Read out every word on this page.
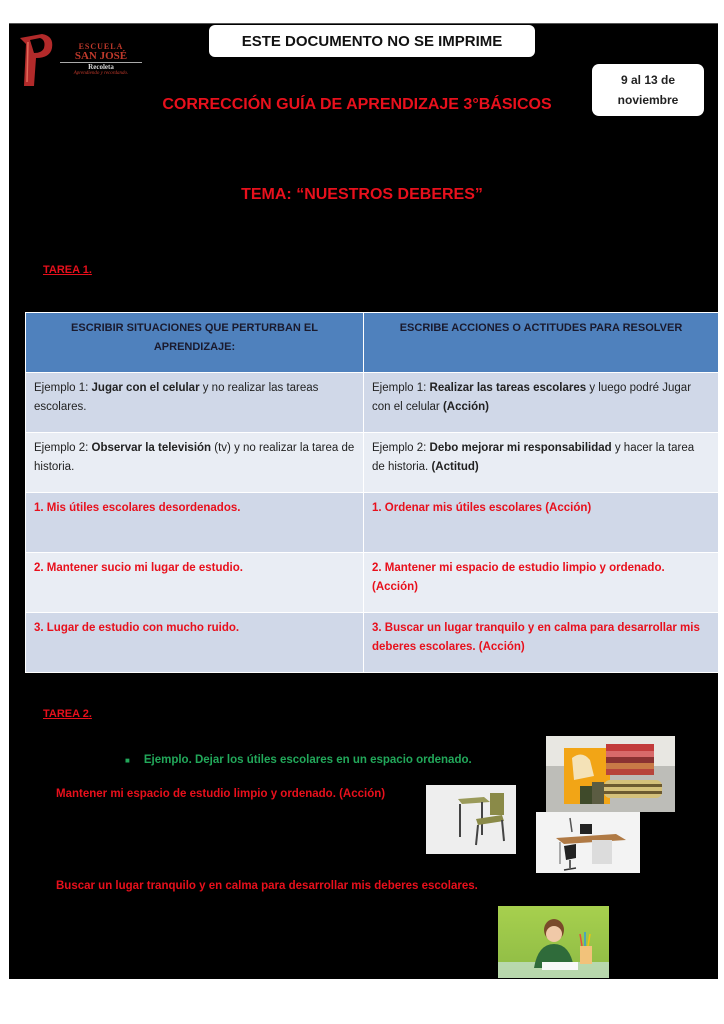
ESCUELA
SAN JOSÉ
Recoleta
Aprendiendo y recordando.
ESTE DOCUMENTO NO SE IMPRIME
9 al 13 de
noviembre
CORRECCIÓN GUÍA DE APRENDIZAJE 3°BÁSICOS
TEMA: “NUESTROS DEBERES”
TAREA 1.
ESCRIBIR SITUACIONES QUE PERTURBAN EL APRENDIZAJE:	ESCRIBE ACCIONES O ACTITUDES PARA RESOLVER
Ejemplo 1: Jugar con el celular y no realizar las tareas escolares.	Ejemplo 1: Realizar las tareas escolares y luego podré Jugar con el celular (Acción)
Ejemplo 2: Observar la televisión (tv) y no realizar la tarea de historia.	Ejemplo 2: Debo mejorar mi responsabilidad y hacer la tarea de historia. (Actitud)
1. Mis útiles escolares desordenados.	1. Ordenar mis útiles escolares (Acción)
2. Mantener sucio mi lugar de estudio.	2. Mantener mi espacio de estudio limpio y ordenado. (Acción)
3. Lugar de estudio con mucho ruido.	3. Buscar un lugar tranquilo y en calma para desarrollar mis deberes escolares. (Acción)
TAREA 2.
■ Ejemplo. Dejar los útiles escolares en un espacio ordenado.
Mantener mi espacio de estudio limpio y ordenado. (Acción)
Buscar un lugar tranquilo y en calma para desarrollar mis deberes escolares.
